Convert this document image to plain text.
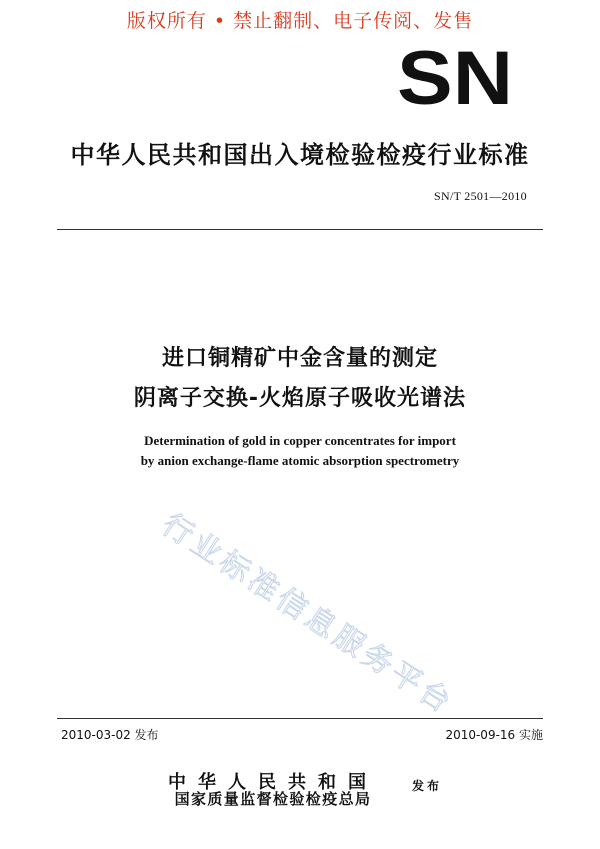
版权所有 • 禁止翻制、电子传阅、发售
SN
中华人民共和国出入境检验检疫行业标准
SN/T 2501—2010
进口铜精矿中金含量的测定
阴离子交换-火焰原子吸收光谱法
Determination of gold in copper concentrates for import
by anion exchange-flame atomic absorption spectrometry
行业标准信息服务平台
2010-03-02 发布	2010-09-16 实施
中华人民共和国
国家质量监督检验检疫总局
发布
